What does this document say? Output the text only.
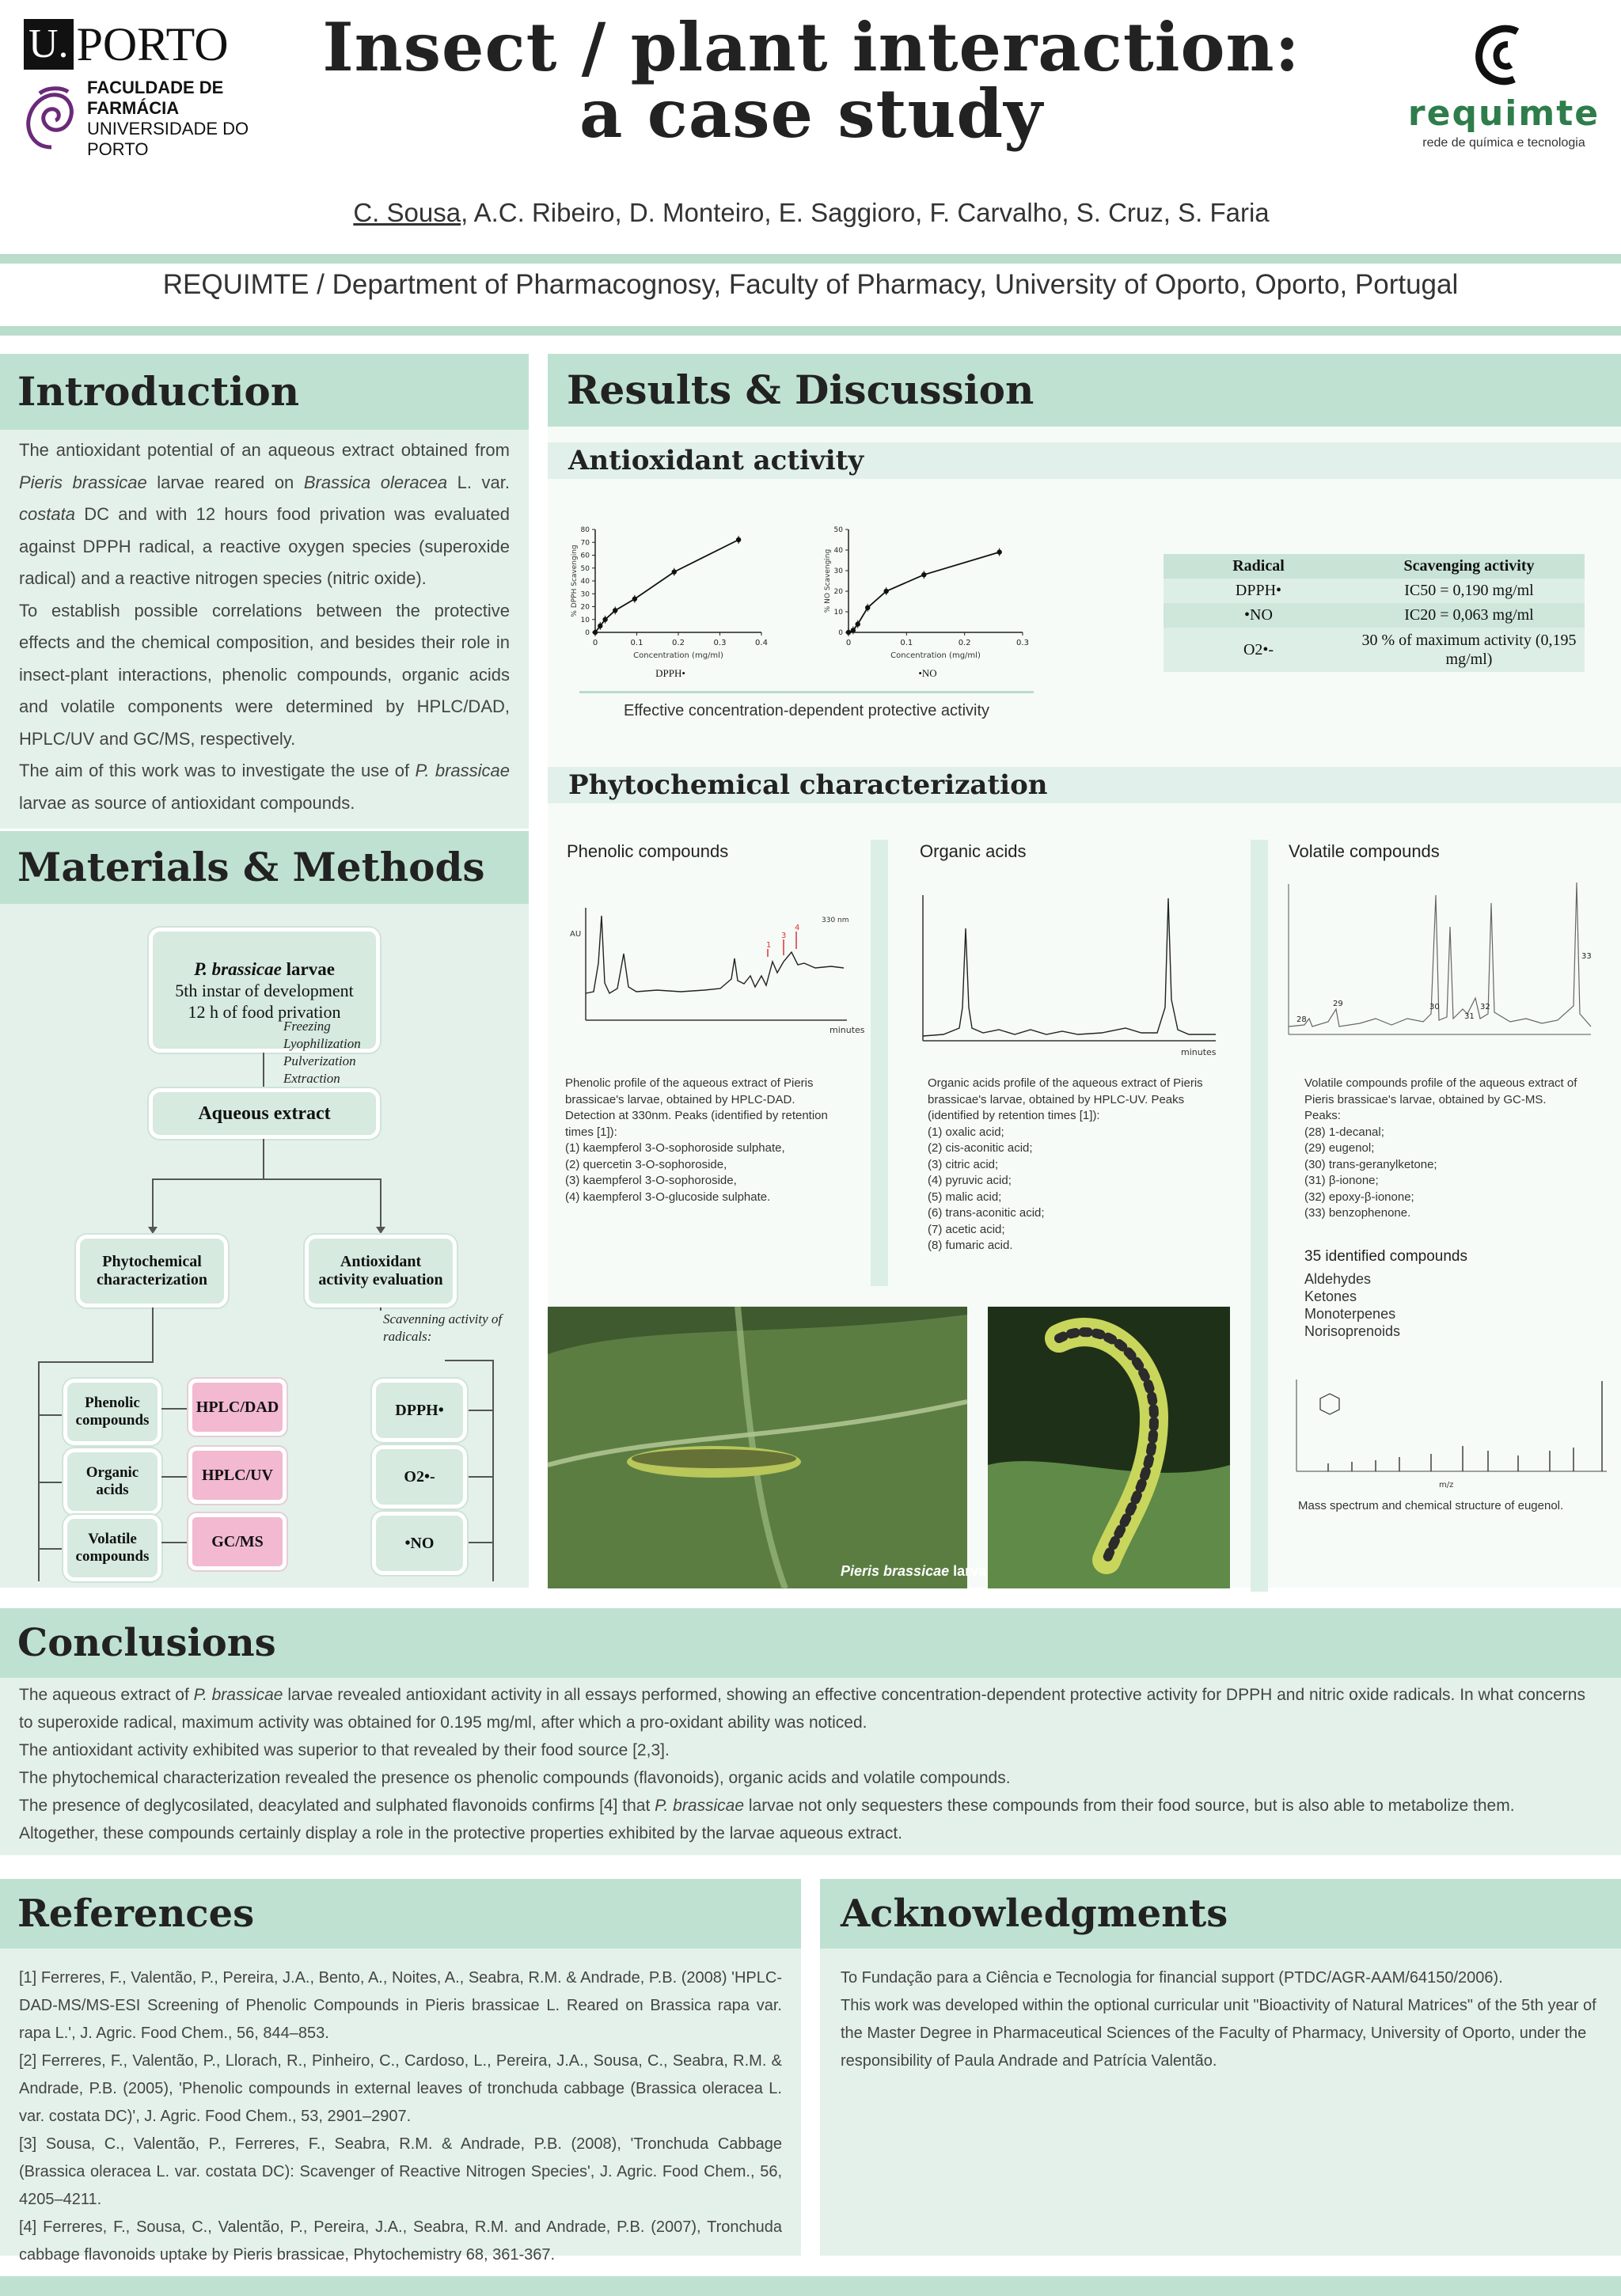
U. PORTO
FACULDADE DE FARMÁCIA
UNIVERSIDADE DO PORTO
Insect / plant interaction:
a case study	requimte
rede de química e tecnologia
C. Sousa, A.C. Ribeiro, D. Monteiro, E. Saggioro, F. Carvalho, S. Cruz, S. Faria
REQUIMTE / Department of Pharmacognosy, Faculty of Pharmacy, University of Oporto, Oporto, Portugal
Introduction

The antioxidant potential of an aqueous extract obtained from Pieris brassicae larvae reared on Brassica oleracea L. var. costata DC and with 12 hours food privation was evaluated against DPPH radical, a reactive oxygen species (superoxide radical) and a reactive nitrogen species (nitric oxide).

To establish possible correlations between the protective effects and the chemical composition, and besides their role in insect-plant interactions, phenolic compounds, organic acids and volatile components were determined by HPLC/DAD, HPLC/UV and GC/MS, respectively.

The aim of this work was to investigate the use of P. brassicae larvae as source of antioxidant compounds.

Materials & Methods
P. brassicae larvae
5th instar of development
12 h of food privation
Freezing
Lyophilization
Pulverization
Extraction
Aqueous extract
Phytochemical characterization
Antioxidant activity evaluation
Scavenning activity of radicals:
Phenolic compounds
Organic acids
Volatile compounds
HPLC/DAD
HPLC/UV
GC/MS
DPPH•
O2•-
•NO
Results & Discussion
Antioxidant activity
0	0.1	0.2	0.3	0.4
0
10
20
30
40
50
60
70
80
Concentration (mg/ml)
% DPPH Scavenging
DPPH•
0	0.1	0.2	0.3
0
10
20
30
40
50
Concentration (mg/ml)
% NO Scavenging
•NO
Effective concentration-dependent protective activity
Radical	Scavenging activity
DPPH•	IC50 = 0,190 mg/ml
•NO	IC20 = 0,063 mg/ml
O2•-	30 % of maximum activity (0,195 mg/ml)
Phytochemical characterization
Phenolic compounds
1
3
4
330 nm
AU
minutes
Phenolic profile of the aqueous extract of Pieris brassicae's larvae, obtained by HPLC-DAD.
Detection at 330nm. Peaks (identified by retention times [1]):
(1) kaempferol 3-O-sophoroside sulphate,
(2) quercetin 3-O-sophoroside,
(3) kaempferol 3-O-sophoroside,
(4) kaempferol 3-O-glucoside sulphate.
Organic acids
minutes
Organic acids profile of the aqueous extract of Pieris brassicae's larvae, obtained by HPLC-UV. Peaks (identified by retention times [1]):
(1) oxalic acid;
(2) cis-aconitic acid;
(3) citric acid;
(4) pyruvic acid;
(5) malic acid;
(6) trans-aconitic acid;
(7) acetic acid;
(8) fumaric acid.
Volatile compounds
28
29	30
31
32
33
Volatile compounds profile of the aqueous extract of Pieris brassicae's larvae, obtained by GC-MS.
Peaks:
(28) 1-decanal;
(29) eugenol;
(30) trans-geranylketone;
(31) β-ionone;
(32) epoxy-β-ionone;
(33) benzophenone.
35 identified compounds
Aldehydes
Ketones
Monoterpenes
Norisoprenoids
m/z
Mass spectrum and chemical structure of eugenol.
Pieris brassicae larva
Conclusions

The aqueous extract of P. brassicae larvae revealed antioxidant activity in all essays performed, showing an effective concentration-dependent protective activity for DPPH and nitric oxide radicals. In what concerns to superoxide radical, maximum activity was obtained for 0.195 mg/ml, after which a pro-oxidant ability was noticed.

The antioxidant activity exhibited was superior to that revealed by their food source [2,3].

The phytochemical characterization revealed the presence os phenolic compounds (flavonoids), organic acids and volatile compounds.

The presence of deglycosilated, deacylated and sulphated flavonoids confirms [4] that P. brassicae larvae not only sequesters these compounds from their food source, but is also able to metabolize them.

Altogether, these compounds certainly display a role in the protective properties exhibited by the larvae aqueous extract.

References

[1] Ferreres, F., Valentão, P., Pereira, J.A., Bento, A., Noites, A., Seabra, R.M. & Andrade, P.B. (2008) 'HPLC-DAD-MS/MS-ESI Screening of Phenolic Compounds in Pieris brassicae L. Reared on Brassica rapa var. rapa L.', J. Agric. Food Chem., 56, 844–853.

[2] Ferreres, F., Valentão, P., Llorach, R., Pinheiro, C., Cardoso, L., Pereira, J.A., Sousa, C., Seabra, R.M. & Andrade, P.B. (2005), 'Phenolic compounds in external leaves of tronchuda cabbage (Brassica oleracea L. var. costata DC)', J. Agric. Food Chem., 53, 2901–2907.

[3] Sousa, C., Valentão, P., Ferreres, F., Seabra, R.M. & Andrade, P.B. (2008), 'Tronchuda Cabbage (Brassica oleracea L. var. costata DC): Scavenger of Reactive Nitrogen Species', J. Agric. Food Chem., 56, 4205–4211.

[4] Ferreres, F., Sousa, C., Valentão, P., Pereira, J.A., Seabra, R.M. and Andrade, P.B. (2007), Tronchuda cabbage flavonoids uptake by Pieris brassicae, Phytochemistry 68, 361-367.

Acknowledgments

To Fundação para a Ciência e Tecnologia for financial support (PTDC/AGR-AAM/64150/2006).

This work was developed within the optional curricular unit "Bioactivity of Natural Matrices" of the 5th year of the Master Degree in Pharmaceutical Sciences of the Faculty of Pharmacy, University of Oporto, under the responsibility of Paula Andrade and Patrícia Valentão.
